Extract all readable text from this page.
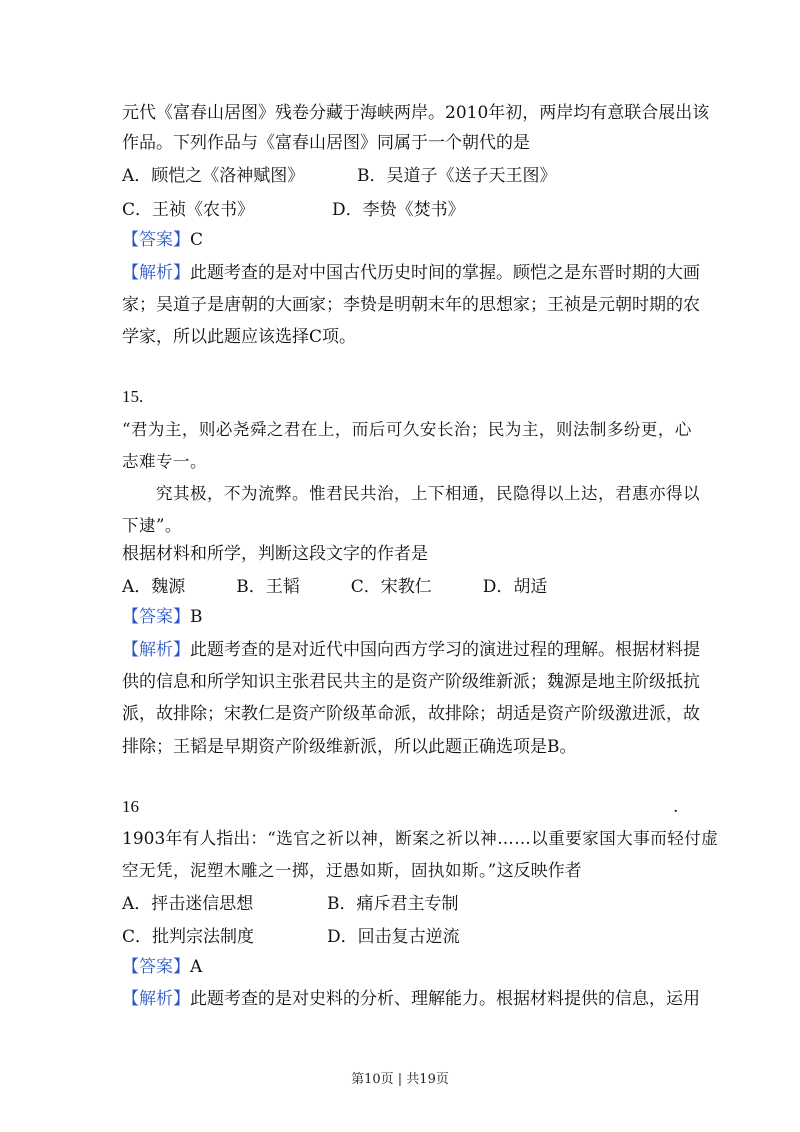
元代《富春山居图》残卷分藏于海峡两岸。2010年初，两岸均有意联合展出该
作品。下列作品与《富春山居图》同属于一个朝代的是
A．顾恺之《洛神赋图》	B．吴道子《送子天王图》
C．王祯《农书》	D．李贽《焚书》
【答案】C
【解析】此题考查的是对中国古代历史时间的掌握。顾恺之是东晋时期的大画
家；吴道子是唐朝的大画家；李贽是明朝末年的思想家；王祯是元朝时期的农
学家，所以此题应该选择C项。
15.
“君为主，则必尧舜之君在上，而后可久安长治；民为主，则法制多纷更，心
志难专一。
究其极，不为流弊。惟君民共治，上下相通，民隐得以上达，君惠亦得以
下逮”。
根据材料和所学，判断这段文字的作者是
A．魏源　　　B．王韬　　　C．宋教仁　　　D．胡适
【答案】B
【解析】此题考查的是对近代中国向西方学习的演进过程的理解。根据材料提
供的信息和所学知识主张君民共主的是资产阶级维新派；魏源是地主阶级抵抗
派，故排除；宋教仁是资产阶级革命派，故排除；胡适是资产阶级激进派，故
排除；王韬是早期资产阶级维新派，所以此题正确选项是B。
16	.
1903年有人指出：“选官之祈以神，断案之祈以神……以重要家国大事而轻付虚
空无凭，泥塑木雕之一掷，迂愚如斯，固执如斯。”这反映作者
A．抨击迷信思想	B．痛斥君主专制
C．批判宗法制度	D．回击复古逆流
【答案】A
【解析】此题考查的是对史料的分析、理解能力。根据材料提供的信息，运用
第10页 | 共19页
